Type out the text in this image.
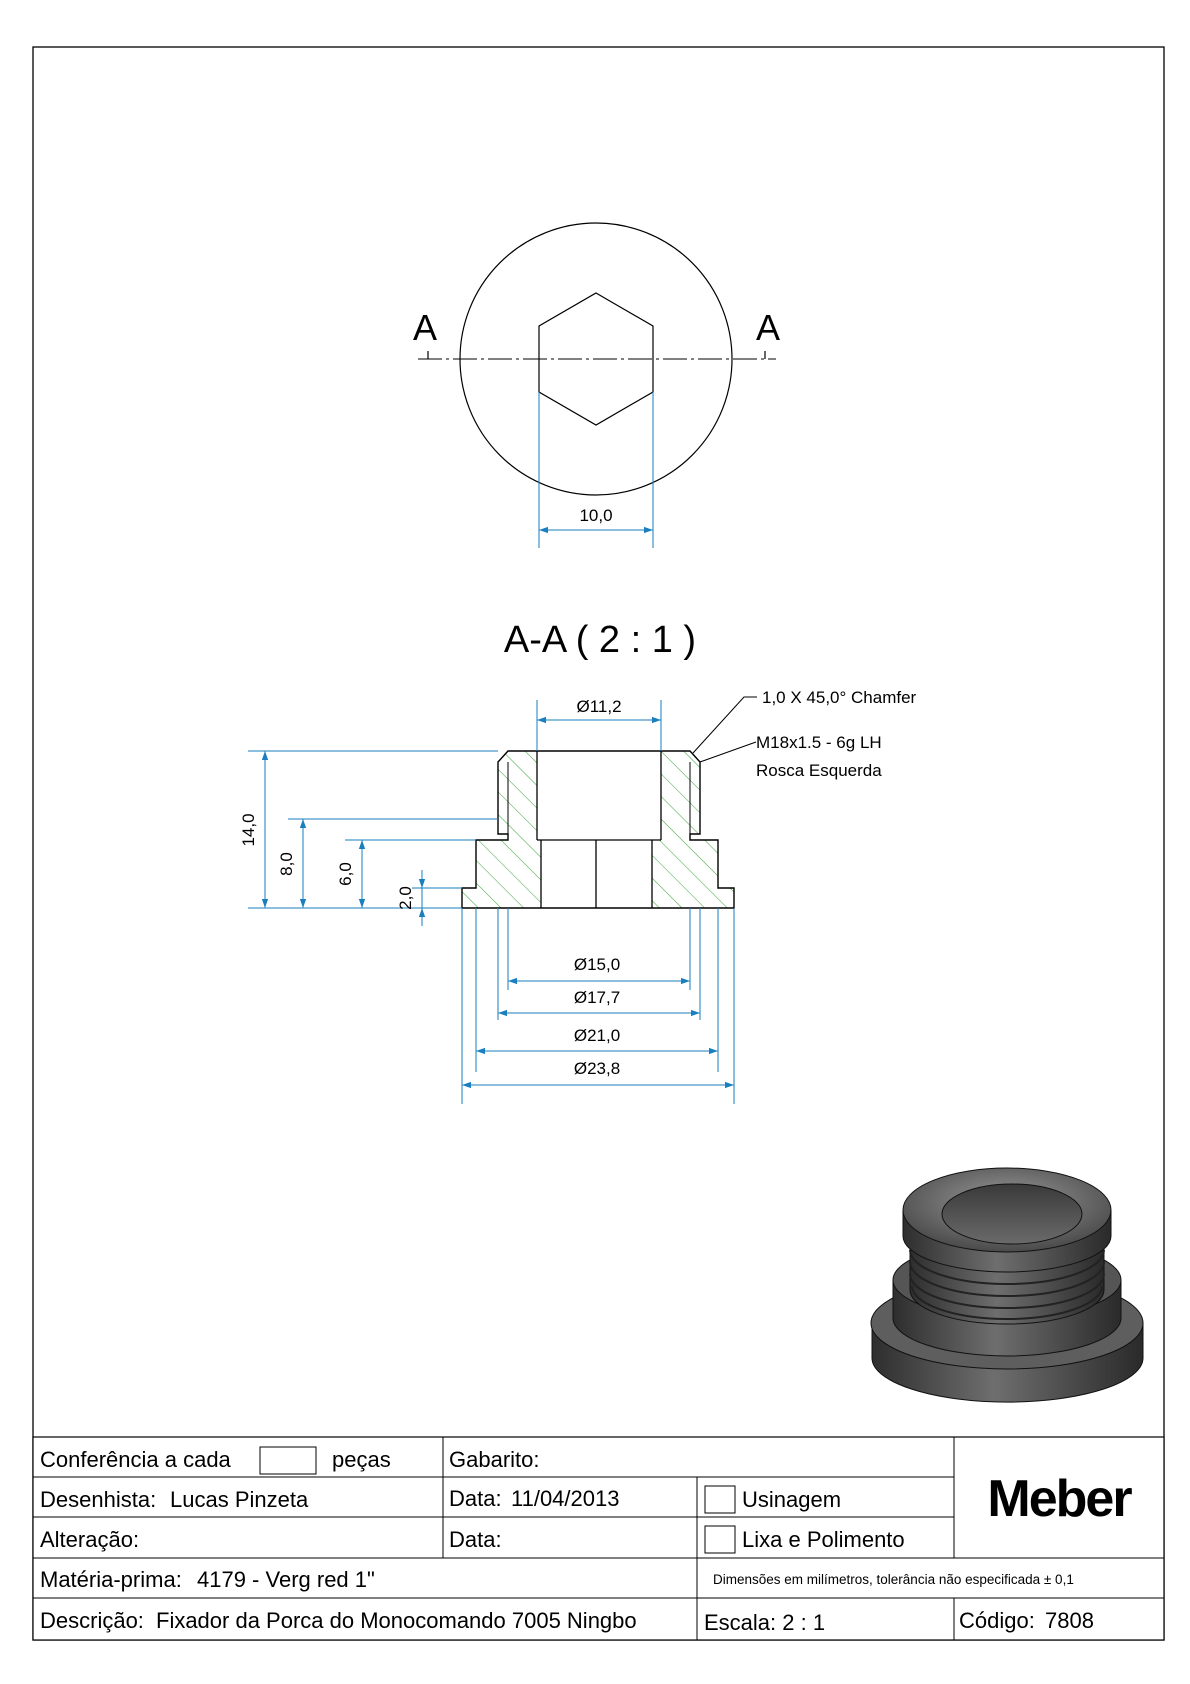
A	A
10,0
A-A ( 2 : 1 )
Ø11,2	1,0 X 45,0° Chamfer
M18x1.5 - 6g LH
Rosca Esquerda
14,0
8,0 6,0
2,0
Ø15,0
Ø17,7
Ø21,0
Ø23,8
Conferência a cada	peças	Gabarito:
Desenhista: Lucas Pinzeta	Data: 11/04/2013	Usinagem
Alteração:	Data:	Lixa e Polimento
Meber
Matéria-prima: 4179 - Verg red 1"	Dimensões em milímetros, tolerância não especificada ± 0,1
Descrição: Fixador da Porca do Monocomando 7005 Ningbo	Escala: 2 : 1	Código: 7808
